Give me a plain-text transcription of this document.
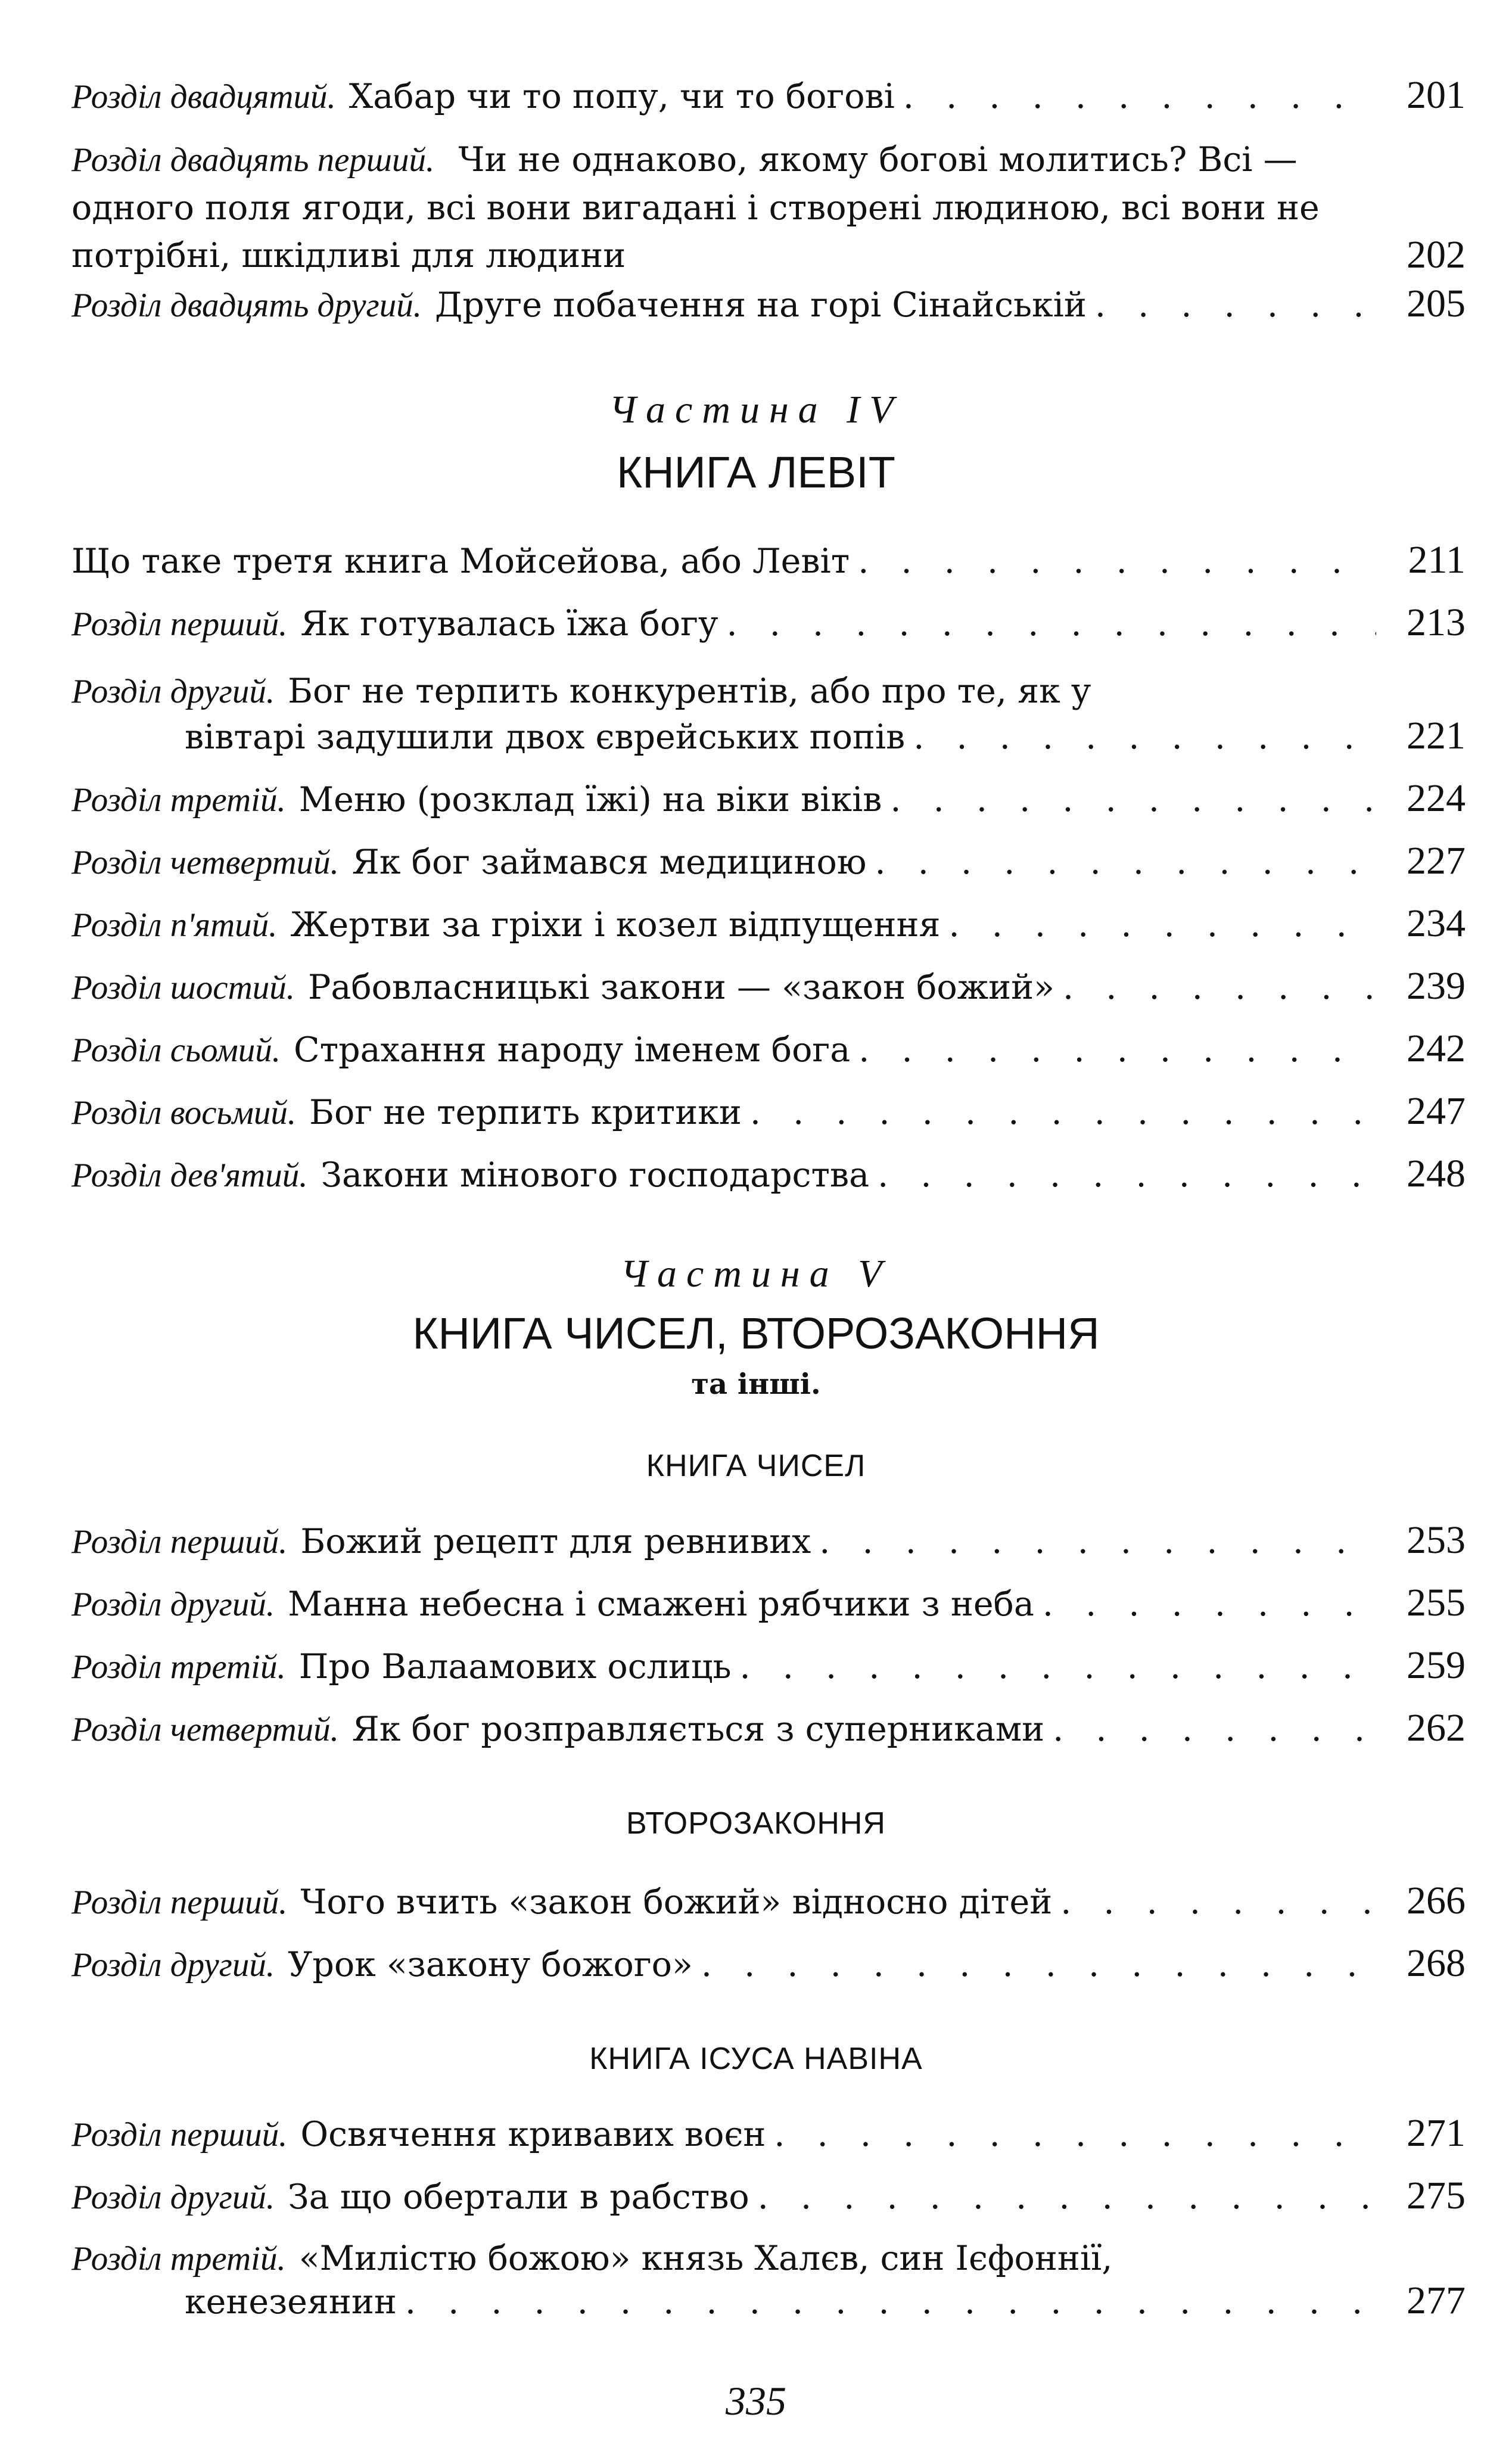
Розділ двадцятий. Хабар чи то попу, чи то богові . . .	201
Розділ двадцять перший. Чи не однаково, якому богові молитись? Всі — одного поля ягоди, всі вони вигадані і створені людиною, всі вони не потрібні, шкідливі для людини	202
Розділ двадцять другий. Друге побачення на горі Сінайській . . .	205
Частина IV
КНИГА ЛЕВІТ
Що таке третя книга Мойсейова, або Левіт . . .	211
Розділ перший. Як готувалась їжа богу . . .	213
Розділ другий. Бог не терпить конкурентів, або про те, як у
вівтарі задушили двох єврейських попів . . .	221
Розділ третій. Меню (розклад їжі) на віки віків . . .	224
Розділ четвертий. Як бог займався медициною . . .	227
Розділ п'ятий. Жертви за гріхи і козел відпущення . . .	234
Розділ шостий. Рабовласницькі закони — «закон божий» . . .	239
Розділ сьомий. Страхання народу іменем бога . . .	242
Розділ восьмий. Бог не терпить критики . . .	247
Розділ дев'ятий. Закони мінового господарства . . .	248
Частина V
КНИГА ЧИСЕЛ, ВТОРОЗАКОННЯ
та інші.
КНИГА ЧИСЕЛ
Розділ перший. Божий рецепт для ревнивих . . .	253
Розділ другий. Манна небесна і смажені рябчики з неба . . .	255
Розділ третій. Про Валаамових ослиць . . .	259
Розділ четвертий. Як бог розправляється з суперниками . . .	262
ВТОРОЗАКОННЯ
Розділ перший. Чого вчить «закон божий» відносно дітей . . .	266
Розділ другий. Урок «закону божого» . . .	268
КНИГА ІСУСА НАВІНА
Розділ перший. Освячення кривавих воєн . . .	271
Розділ другий. За що обертали в рабство . . .	275
Розділ третій. «Милістю божою» князь Халєв, син Ієфоннії,
кенезеянин . . .	277
335
